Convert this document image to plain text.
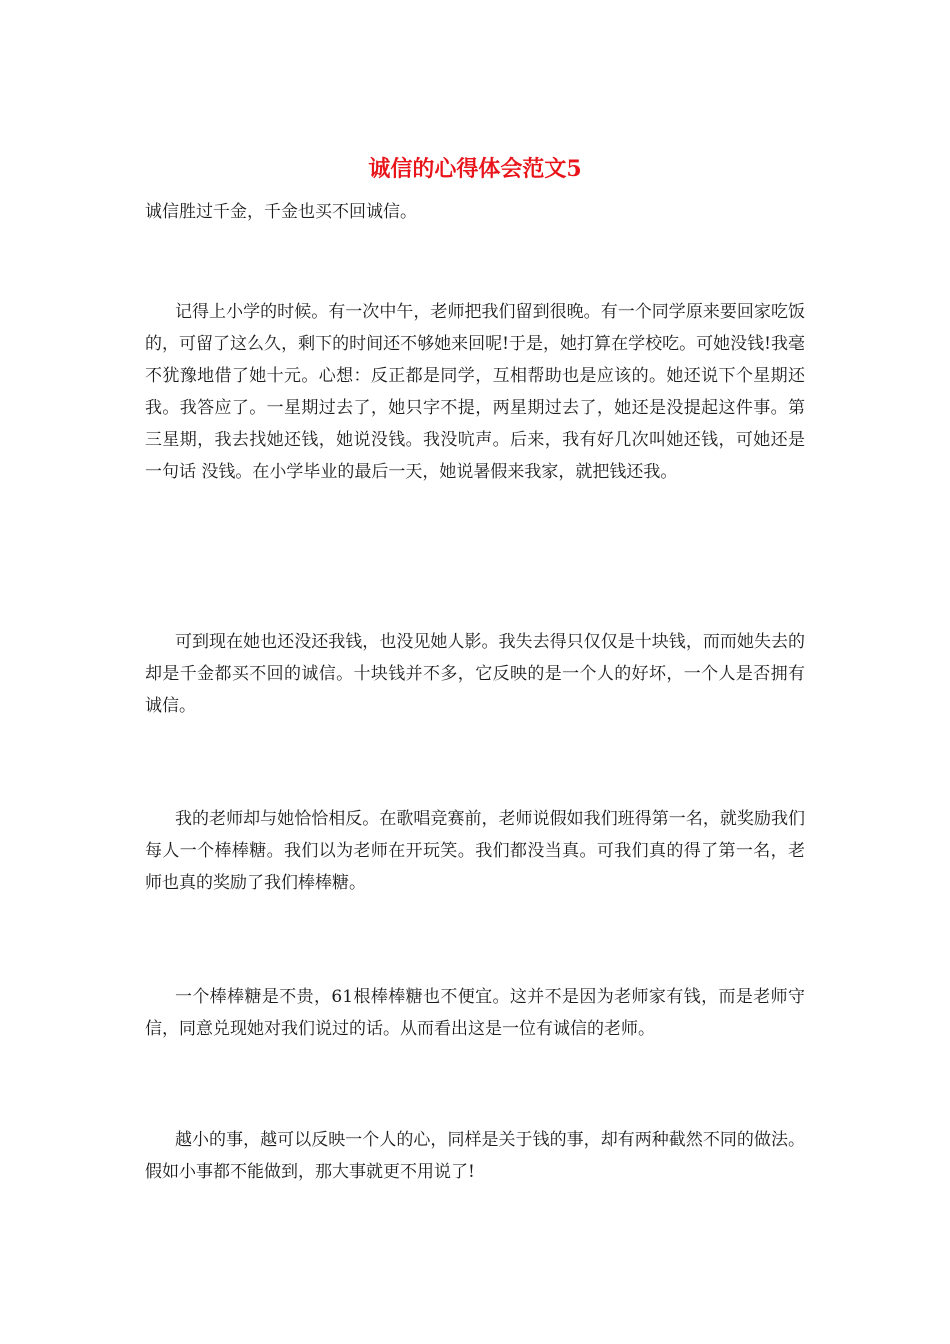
诚信的心得体会范文5

诚信胜过千金，千金也买不回诚信。

记得上小学的时候。有一次中午，老师把我们留到很晚。有一个同学原来要回家吃饭的，可留了这么久，剩下的时间还不够她来回呢!于是，她打算在学校吃。可她没钱!我毫不犹豫地借了她十元。心想：反正都是同学，互相帮助也是应该的。她还说下个星期还我。我答应了。一星期过去了，她只字不提，两星期过去了，她还是没提起这件事。第三星期，我去找她还钱，她说没钱。我没吭声。后来，我有好几次叫她还钱，可她还是一句话 没钱。在小学毕业的最后一天，她说暑假来我家，就把钱还我。

可到现在她也还没还我钱，也没见她人影。我失去得只仅仅是十块钱，而而她失去的却是千金都买不回的诚信。十块钱并不多，它反映的是一个人的好坏，一个人是否拥有诚信。

我的老师却与她恰恰相反。在歌唱竞赛前，老师说假如我们班得第一名，就奖励我们每人一个棒棒糖。我们以为老师在开玩笑。我们都没当真。可我们真的得了第一名，老师也真的奖励了我们棒棒糖。

一个棒棒糖是不贵，61根棒棒糖也不便宜。这并不是因为老师家有钱，而是老师守信，同意兑现她对我们说过的话。从而看出这是一位有诚信的老师。

越小的事，越可以反映一个人的心，同样是关于钱的事，却有两种截然不同的做法。假如小事都不能做到，那大事就更不用说了!
